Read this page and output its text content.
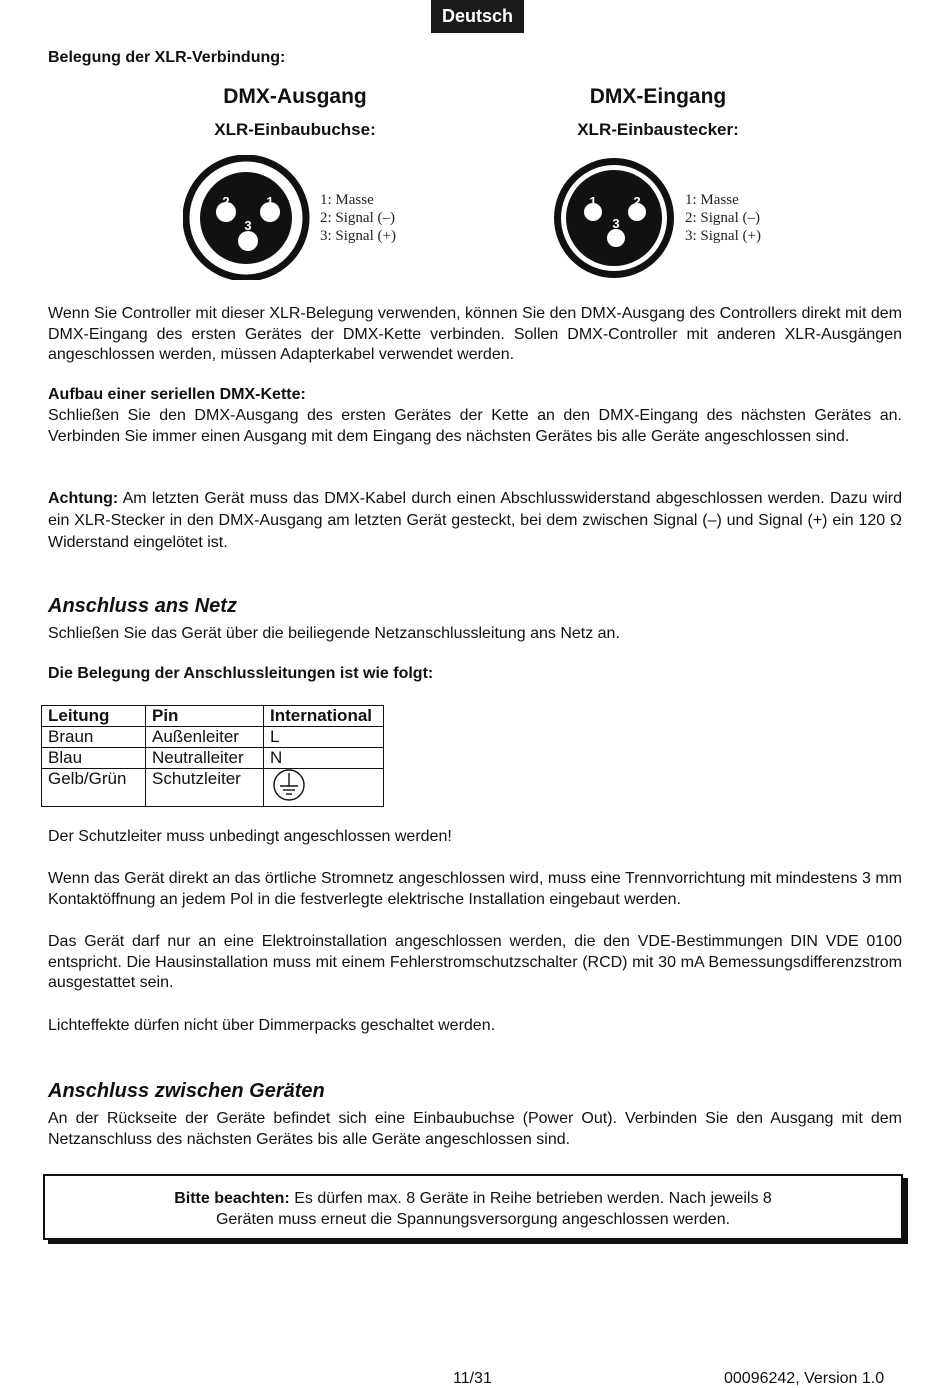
Deutsch
Belegung der XLR-Verbindung:
DMX-Ausgang
XLR-Einbaubuchse:
2	1
3
1: Masse
2: Signal (–)
3: Signal (+)
DMX-Eingang
XLR-Einbaustecker:
1	2
3
1: Masse
2: Signal (–)
3: Signal (+)
Wenn Sie Controller mit dieser XLR-Belegung verwenden, können Sie den DMX-Ausgang des Controllers direkt mit dem DMX-Eingang des ersten Gerätes der DMX-Kette verbinden. Sollen DMX-Controller mit anderen XLR-Ausgängen angeschlossen werden, müssen Adapterkabel verwendet werden.
Aufbau einer seriellen DMX-Kette:
Schließen Sie den DMX-Ausgang des ersten Gerätes der Kette an den DMX-Eingang des nächsten Gerätes an. Verbinden Sie immer einen Ausgang mit dem Eingang des nächsten Gerätes bis alle Geräte angeschlossen sind.
Achtung: Am letzten Gerät muss das DMX-Kabel durch einen Abschlusswiderstand abgeschlossen werden. Dazu wird ein XLR-Stecker in den DMX-Ausgang am letzten Gerät gesteckt, bei dem zwischen Signal (–) und Signal (+) ein 120 Ω Widerstand eingelötet ist.
Anschluss ans Netz
Schließen Sie das Gerät über die beiliegende Netzanschlussleitung ans Netz an.
Die Belegung der Anschlussleitungen ist wie folgt:
Leitung	Pin	International
Braun	Außenleiter	L
Blau	Neutralleiter	N
Gelb/Grün	Schutzleiter	
Der Schutzleiter muss unbedingt angeschlossen werden!
Wenn das Gerät direkt an das örtliche Stromnetz angeschlossen wird, muss eine Trennvorrichtung mit mindestens 3 mm Kontaktöffnung an jedem Pol in die festverlegte elektrische Installation eingebaut werden.
Das Gerät darf nur an eine Elektroinstallation angeschlossen werden, die den VDE-Bestimmungen DIN VDE 0100 entspricht. Die Hausinstallation muss mit einem Fehlerstromschutzschalter (RCD) mit 30 mA Bemessungsdifferenzstrom ausgestattet sein.
Lichteffekte dürfen nicht über Dimmerpacks geschaltet werden.
Anschluss zwischen Geräten
An der Rückseite der Geräte befindet sich eine Einbaubuchse (Power Out). Verbinden Sie den Ausgang mit dem Netzanschluss des nächsten Gerätes bis alle Geräte angeschlossen sind.
Bitte beachten: Es dürfen max. 8 Geräte in Reihe betrieben werden. Nach jeweils 8
Geräten muss erneut die Spannungsversorgung angeschlossen werden.
11/31	00096242, Version 1.0
